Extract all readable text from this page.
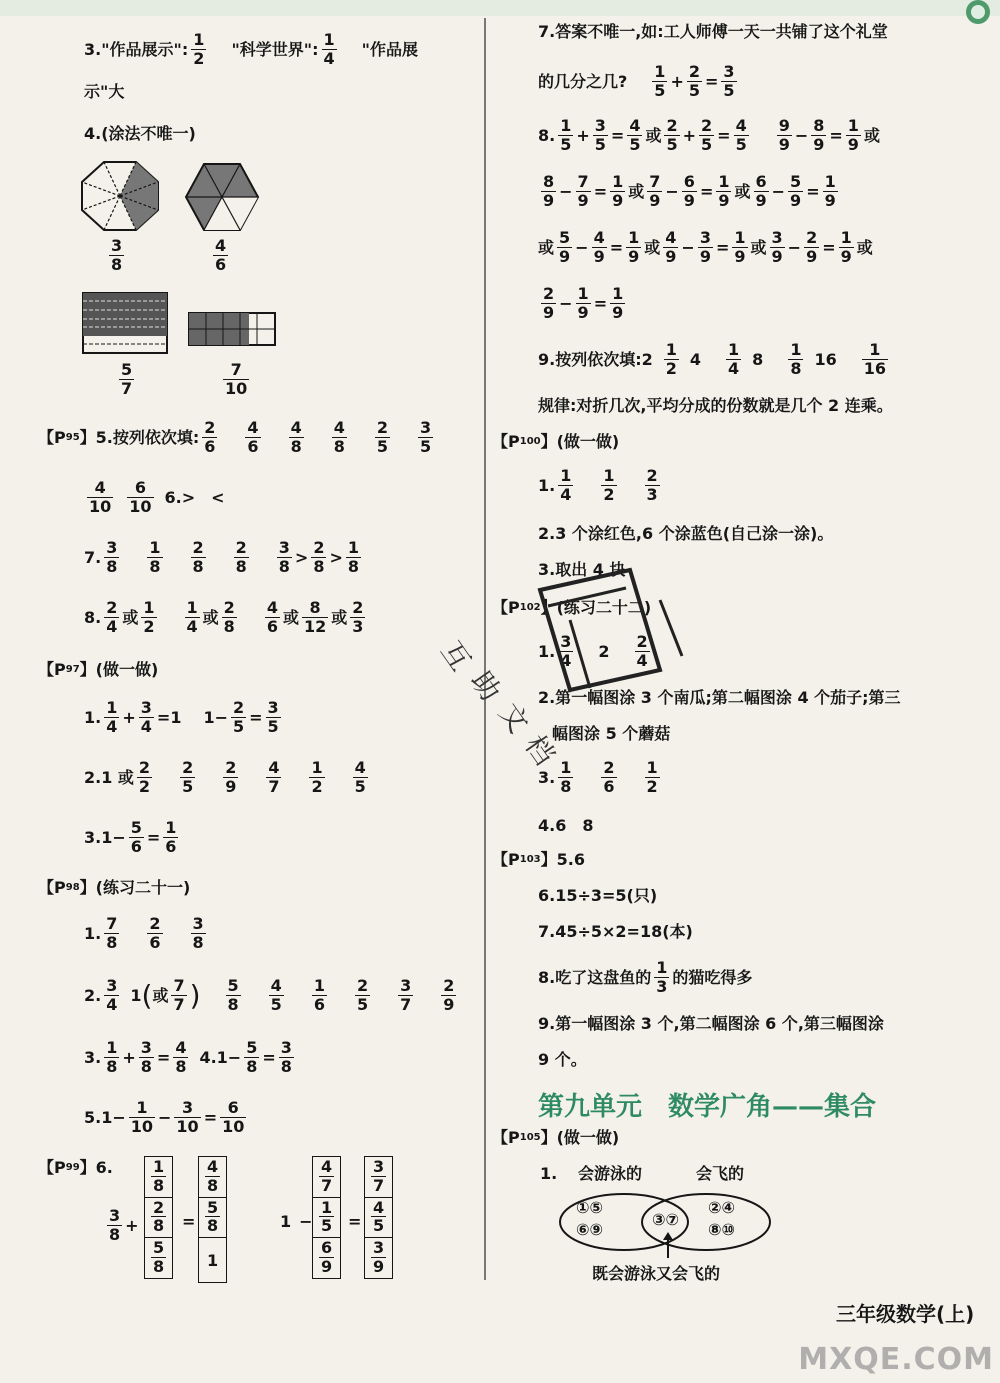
3."作品展示":
1
2 "科学世界":
1
4 "作品展
示"大
4.(涂法不唯一)
3
8
4
6
5
7
7
10
【P 95 】5.按列依次填:
2
6
4
6
4
8
4
8
2
5
3
5
4
10
6
10 6.>　<
7.
3
8
1
8
2
8
2
8
3
8 >
2
8 >
1
8
8.
2
4 或
1
2
1
4 或
2
8
4
6 或
8
12 或
2
3
【P 97 】(做一做)
1.
1
$4 + \frac{3}{4} =1$ $1- \frac{2}{5} = \frac{3}{5}$
2.1 或
2
2
2
5
2
9
4
7
1
2
4
5
$3.1- \frac{5}{6} = \frac{1}{6}$
【P 98 】(练习二十一)
1.
7
8
2
6
3
8
2.
3
4 1 ( 或
7
7 ) 5
8
4
5
1
6
2
5
3
7
2
9
3.
1
$8 + \frac{3}{8} = \frac{4}{8} 4.1- \frac{5}{8} = \frac{3}{8}$
$5.1- \frac{1}{10} - \frac{3}{10} = \frac{6}{10}$
【P 99 】6.
3
8 +
1
8
2
8
5
8
=
4
8
5
8
1
1 −
4
7
1
5
6
9
=
3
7
4
5
3
9
7.答案不唯一,如:工人师傅一天一共铺了这个礼堂
的几分之几?
1
$5 + \frac{2}{5} = \frac{3}{5}$
8.
1
$5 + \frac{3}{5} = \frac{4}{5}$ 或
2
$5 + \frac{2}{5} = \frac{4}{5} 9$
$9 - \frac{8}{9} = \frac{1}{9}$ 或
8
$9 - \frac{7}{9} = \frac{1}{9}$ 或
7
$9 - \frac{6}{9} = \frac{1}{9}$ 或
6
$9 - \frac{5}{9} = \frac{1}{9}$
或
5
$9 - \frac{4}{9} = \frac{1}{9}$ 或
4
$9 - \frac{3}{9} = \frac{1}{9}$ 或
3
$9 - \frac{2}{9} = \frac{1}{9}$ 或
2
$9 - \frac{1}{9} = \frac{1}{9}$
9.按列依次填:2
1
2 4
1
4 8
1
8 16
1
16
规律:对折几次,平均分成的份数就是几个 2 连乘。
【P 100 】(做一做)
1.
1
4
1
2
2
3
2.3 个涂红色,6 个涂蓝色(自己涂一涂)。
3.取出 4 块
【P 102 】(练习二十二)
1.
3
4 2
2
4
2.第一幅图涂 3 个南瓜;第二幅图涂 4 个茄子;第三
幅图涂 5 个蘑菇
3.
1
8
2
6
1
2
4.6　8
【P 103 】5.6
6.15÷3=5(只)
7.45÷5×2=18(本)
8.吃了这盘鱼的
1
3 的猫吃得多
9.第一幅图涂 3 个,第二幅图涂 6 个,第三幅图涂
9 个。
第九单元　数学广角——集合
【P 105 】(做一做)
1. 会游泳的	会飞的
①⑤
⑥⑨
③⑦
②④
⑧⑩
既会游泳又会飞的
互
助
文
档
三年级数学(上)
MXQE.COM
